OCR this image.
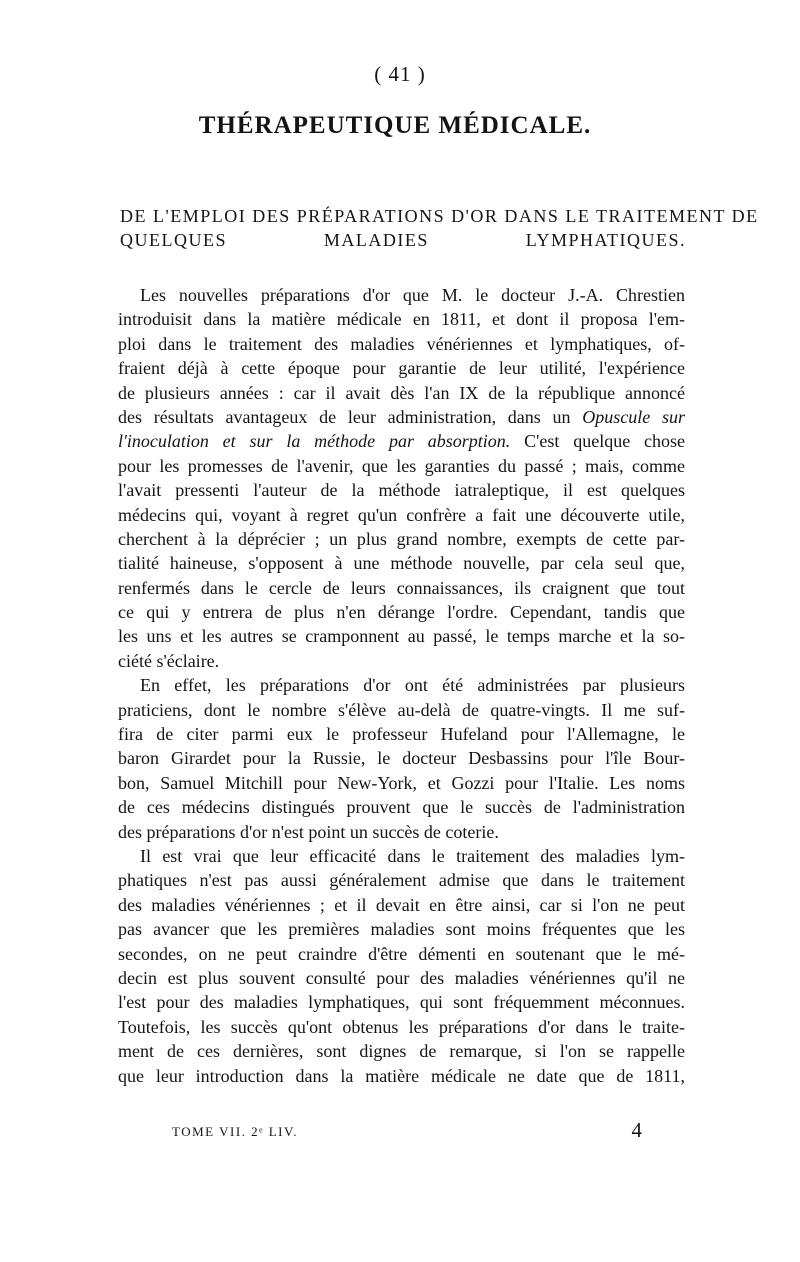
( 41 )
THÉRAPEUTIQUE MÉDICALE.
DE L'EMPLOI DES PRÉPARATIONS D'OR DANS LE TRAITEMENT DE
QUELQUES MALADIES LYMPHATIQUES.
Les nouvelles préparations d'or que M. le docteur J.-A. Chrestien
introduisit dans la matière médicale en 1811, et dont il proposa l'em-
ploi dans le traitement des maladies vénériennes et lymphatiques, of-
fraient déjà à cette époque pour garantie de leur utilité, l'expérience
de plusieurs années : car il avait dès l'an IX de la république annoncé
des résultats avantageux de leur administration, dans un Opuscule sur
l'inoculation et sur la méthode par absorption. C'est quelque chose
pour les promesses de l'avenir, que les garanties du passé ; mais, comme
l'avait pressenti l'auteur de la méthode iatraleptique, il est quelques
médecins qui, voyant à regret qu'un confrère a fait une découverte utile,
cherchent à la déprécier ; un plus grand nombre, exempts de cette par-
tialité haineuse, s'opposent à une méthode nouvelle, par cela seul que,
renfermés dans le cercle de leurs connaissances, ils craignent que tout
ce qui y entrera de plus n'en dérange l'ordre. Cependant, tandis que
les uns et les autres se cramponnent au passé, le temps marche et la so-
ciété s'éclaire.
En effet, les préparations d'or ont été administrées par plusieurs
praticiens, dont le nombre s'élève au-delà de quatre-vingts. Il me suf-
fira de citer parmi eux le professeur Hufeland pour l'Allemagne, le
baron Girardet pour la Russie, le docteur Desbassins pour l'île Bour-
bon, Samuel Mitchill pour New-York, et Gozzi pour l'Italie. Les noms
de ces médecins distingués prouvent que le succès de l'administration
des préparations d'or n'est point un succès de coterie.
Il est vrai que leur efficacité dans le traitement des maladies lym-
phatiques n'est pas aussi généralement admise que dans le traitement
des maladies vénériennes ; et il devait en être ainsi, car si l'on ne peut
pas avancer que les premières maladies sont moins fréquentes que les
secondes, on ne peut craindre d'être démenti en soutenant que le mé-
decin est plus souvent consulté pour des maladies vénériennes qu'il ne
l'est pour des maladies lymphatiques, qui sont fréquemment méconnues.
Toutefois, les succès qu'ont obtenus les préparations d'or dans le traite-
ment de ces dernières, sont dignes de remarque, si l'on se rappelle
que leur introduction dans la matière médicale ne date que de 1811,
TOME VII. 2ᵉ LIV.	4
